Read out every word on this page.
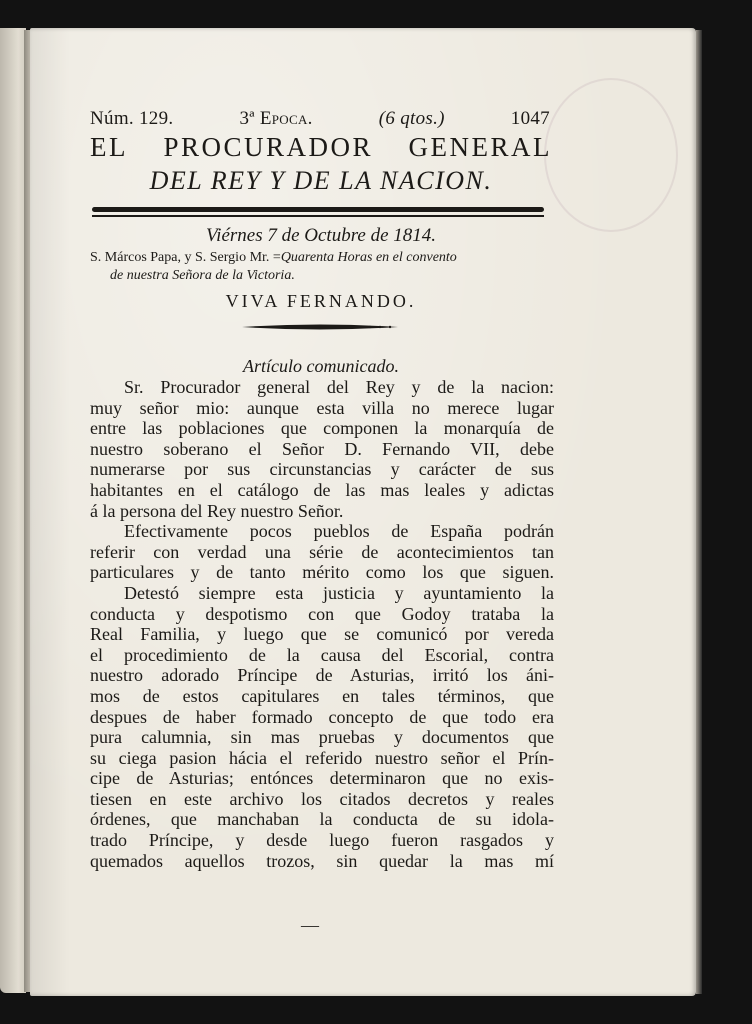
Núm. 129.	3ª Epoca.	(6 qtos.)	1047
EL PROCURADOR GENERAL
DEL REY Y DE LA NACION.
Viérnes 7 de Octubre de 1814.
S. Márcos Papa, y S. Sergio Mr. =Quarenta Horas en el convento
de nuestra Señora de la Victoria.
VIVA FERNANDO.
Artículo comunicado.
Sr. Procurador general del Rey y de la nacion:
muy señor mio: aunque esta villa no merece lugar
entre las poblaciones que componen la monarquía de
nuestro soberano el Señor D. Fernando VII, debe
numerarse por sus circunstancias y carácter de sus
habitantes en el catálogo de las mas leales y adictas
á la persona del Rey nuestro Señor.
Efectivamente pocos pueblos de España podrán
referir con verdad una série de acontecimientos tan
particulares y de tanto mérito como los que siguen.
Detestó siempre esta justicia y ayuntamiento la
conducta y despotismo con que Godoy trataba la
Real Familia, y luego que se comunicó por vereda
el procedimiento de la causa del Escorial, contra
nuestro adorado Príncipe de Asturias, irritó los áni-
mos de estos capitulares en tales términos, que
despues de haber formado concepto de que todo era
pura calumnia, sin mas pruebas y documentos que
su ciega pasion hácia el referido nuestro señor el Prín-
cipe de Asturias; entónces determinaron que no exis-
tiesen en este archivo los citados decretos y reales
órdenes, que manchaban la conducta de su idola-
trado Príncipe, y desde luego fueron rasgados y
quemados aquellos trozos, sin quedar la mas mí
—
